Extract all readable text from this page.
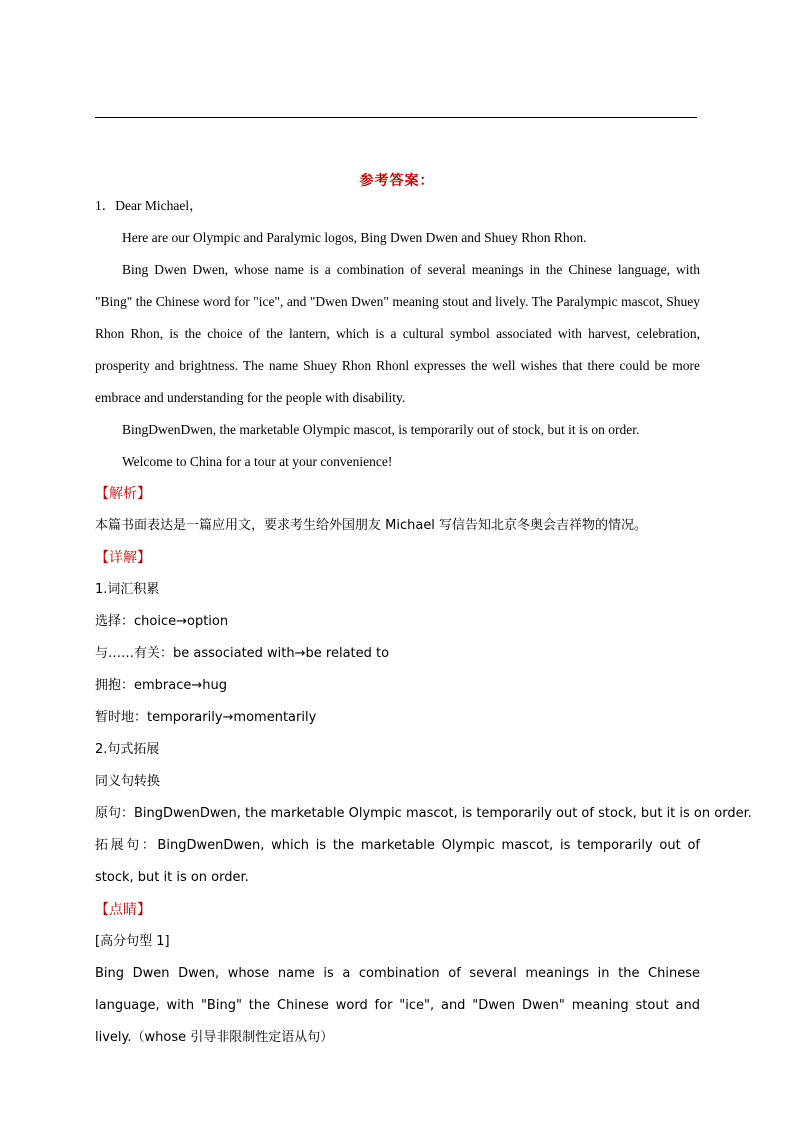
参考答案：

1．Dear Michael，

Here are our Olympic and Paralymic logos, Bing Dwen Dwen and Shuey Rhon Rhon.

Bing Dwen Dwen, whose name is a combination of several meanings in the Chinese language, with "Bing" the Chinese word for "ice", and "Dwen Dwen" meaning stout and lively. The Paralympic mascot, Shuey Rhon Rhon, is the choice of the lantern, which is a cultural symbol associated with harvest, celebration, prosperity and brightness. The name Shuey Rhon Rhonl expresses the well wishes that there could be more embrace and understanding for the people with disability.

BingDwenDwen, the marketable Olympic mascot, is temporarily out of stock, but it is on order.

Welcome to China for a tour at your convenience!

【解析】

本篇书面表达是一篇应用文，要求考生给外国朋友 Michael 写信告知北京冬奥会吉祥物的情况。

【详解】

1.词汇积累

选择：choice→option

与……有关：be associated with→be related to

拥抱：embrace→hug

暂时地：temporarily→momentarily

2.句式拓展

同义句转换

原句：BingDwenDwen, the marketable Olympic mascot, is temporarily out of stock, but it is on order.

拓展句：BingDwenDwen, which is the marketable Olympic mascot, is temporarily out of stock, but it is on order.

【点睛】

[高分句型 1]

Bing Dwen Dwen, whose name is a combination of several meanings in the Chinese language, with "Bing" the Chinese word for "ice", and "Dwen Dwen" meaning stout and lively.（whose 引导非限制性定语从句）
